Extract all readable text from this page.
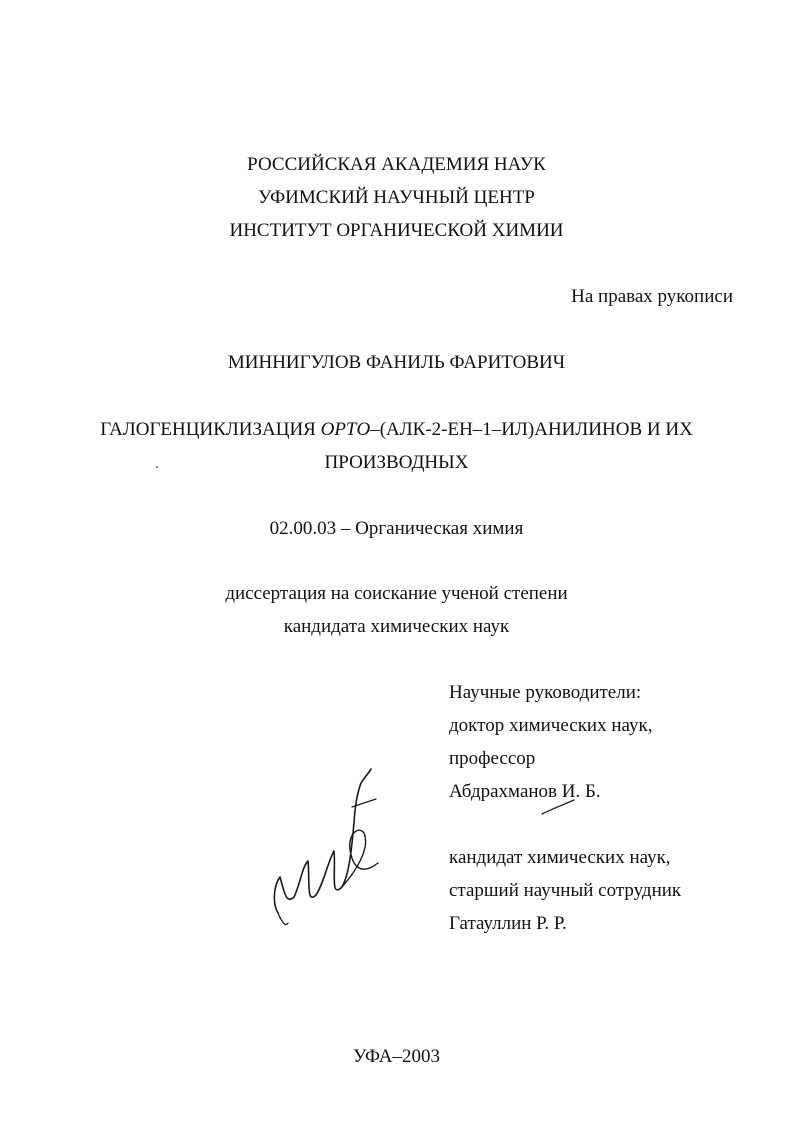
РОССИЙСКАЯ АКАДЕМИЯ НАУК
УФИМСКИЙ НАУЧНЫЙ ЦЕНТР
ИНСТИТУТ ОРГАНИЧЕСКОЙ ХИМИИ
На правах рукописи
МИННИГУЛОВ ФАНИЛЬ ФАРИТОВИЧ
ГАЛОГЕНЦИКЛИЗАЦИЯ ОРТО–(АЛК-2-ЕН–1–ИЛ)АНИЛИНОВ И ИХ
ПРОИЗВОДНЫХ
02.00.03 – Органическая химия
диссертация на соискание ученой степени
кандидата химических наук
Научные руководители:
доктор химических наук,
профессор
Абдрахманов И. Б.
кандидат химических наук,
старший научный сотрудник
Гатауллин Р. Р.
УФА–2003
